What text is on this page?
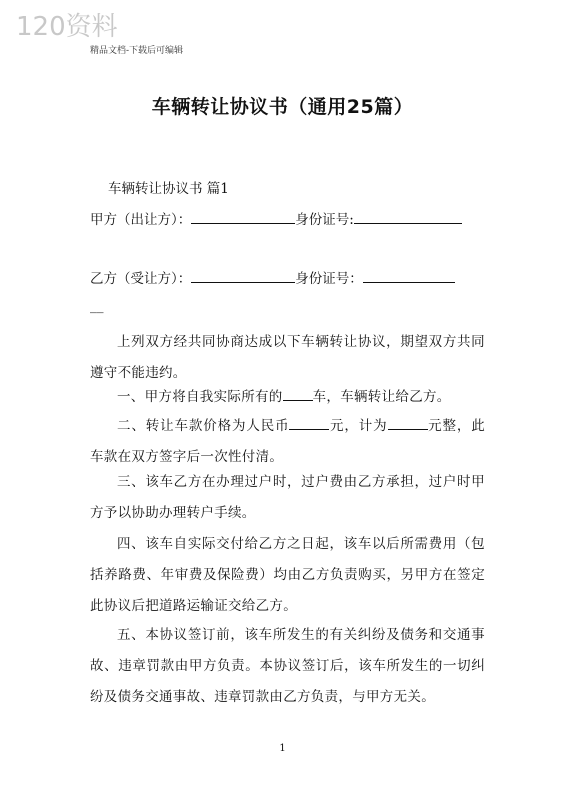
120资料
精品文档-下载后可编辑
车辆转让协议书（通用25篇）
车辆转让协议书 篇1
甲方（出让方）：	身份证号:
乙方（受让方）：	身份证号：
__
上列双方经共同协商达成以下车辆转让协议，期望双方共同遵守不能违约。
一、甲方将自我实际所有的 车，车辆转让给乙方。
二、转让车款价格为人民币	元，计为	元整，此车款在双方签字后一次性付清。
三、该车乙方在办理过户时，过户费由乙方承担，过户时甲方予以协助办理转户手续。
四、该车自实际交付给乙方之日起，该车以后所需费用（包括养路费、年审费及保险费）均由乙方负责购买，另甲方在签定此协议后把道路运输证交给乙方。
五、本协议签订前，该车所发生的有关纠纷及债务和交通事故、违章罚款由甲方负责。本协议签订后，该车所发生的一切纠纷及债务交通事故、违章罚款由乙方负责，与甲方无关。
1
